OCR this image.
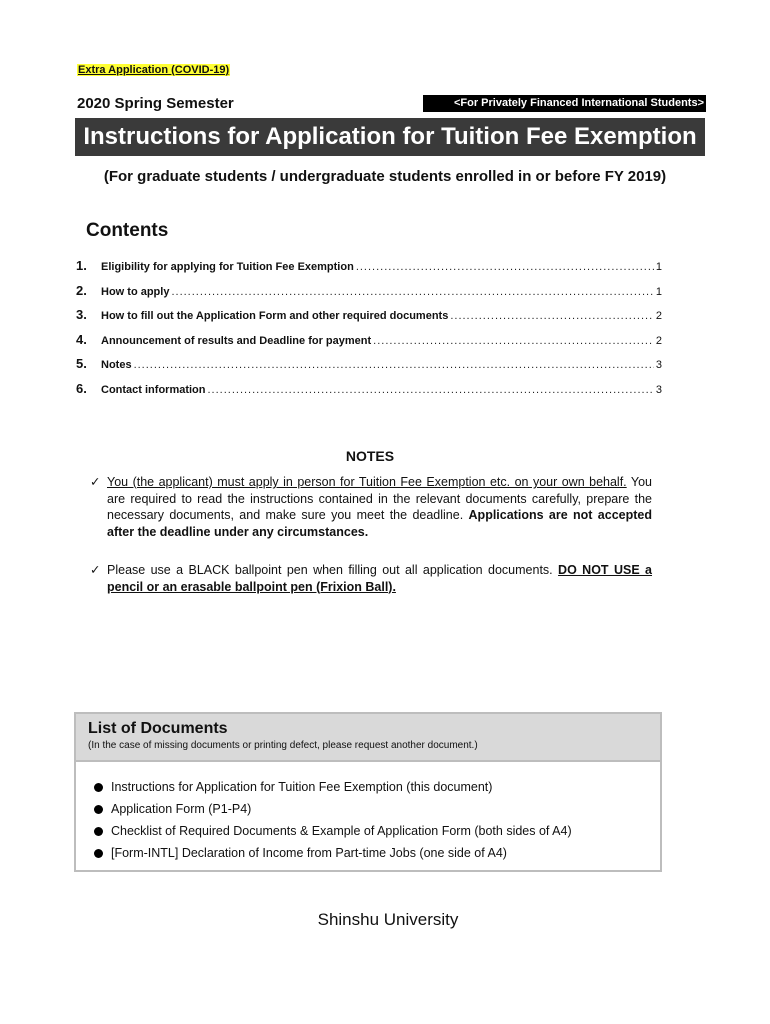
Extra Application (COVID-19)
2020 Spring Semester	<For Privately Financed International Students>
Instructions for Application for Tuition Fee Exemption
(For graduate students / undergraduate students enrolled in or before FY 2019)
Contents
1.	Eligibility for applying for Tuition Fee Exemption .....	1
2.	How to apply .....	1
3.	How to fill out the Application Form and other required documents .....	2
4.	Announcement of results and Deadline for payment .....	2
5.	Notes .....	3
6.	Contact information .....	3
NOTES
✓ You (the applicant) must apply in person for Tuition Fee Exemption etc. on your own behalf. You are required to read the instructions contained in the relevant documents carefully, prepare the necessary documents, and make sure you meet the deadline. Applications are not accepted after the deadline under any circumstances.
✓ Please use a BLACK ballpoint pen when filling out all application documents. DO NOT USE a pencil or an erasable ballpoint pen (Frixion Ball).
List of Documents
(In the case of missing documents or printing defect, please request another document.)
Instructions for Application for Tuition Fee Exemption (this document)
Application Form (P1-P4)
Checklist of Required Documents & Example of Application Form (both sides of A4)
[Form-INTL] Declaration of Income from Part-time Jobs (one side of A4)
Shinshu University
